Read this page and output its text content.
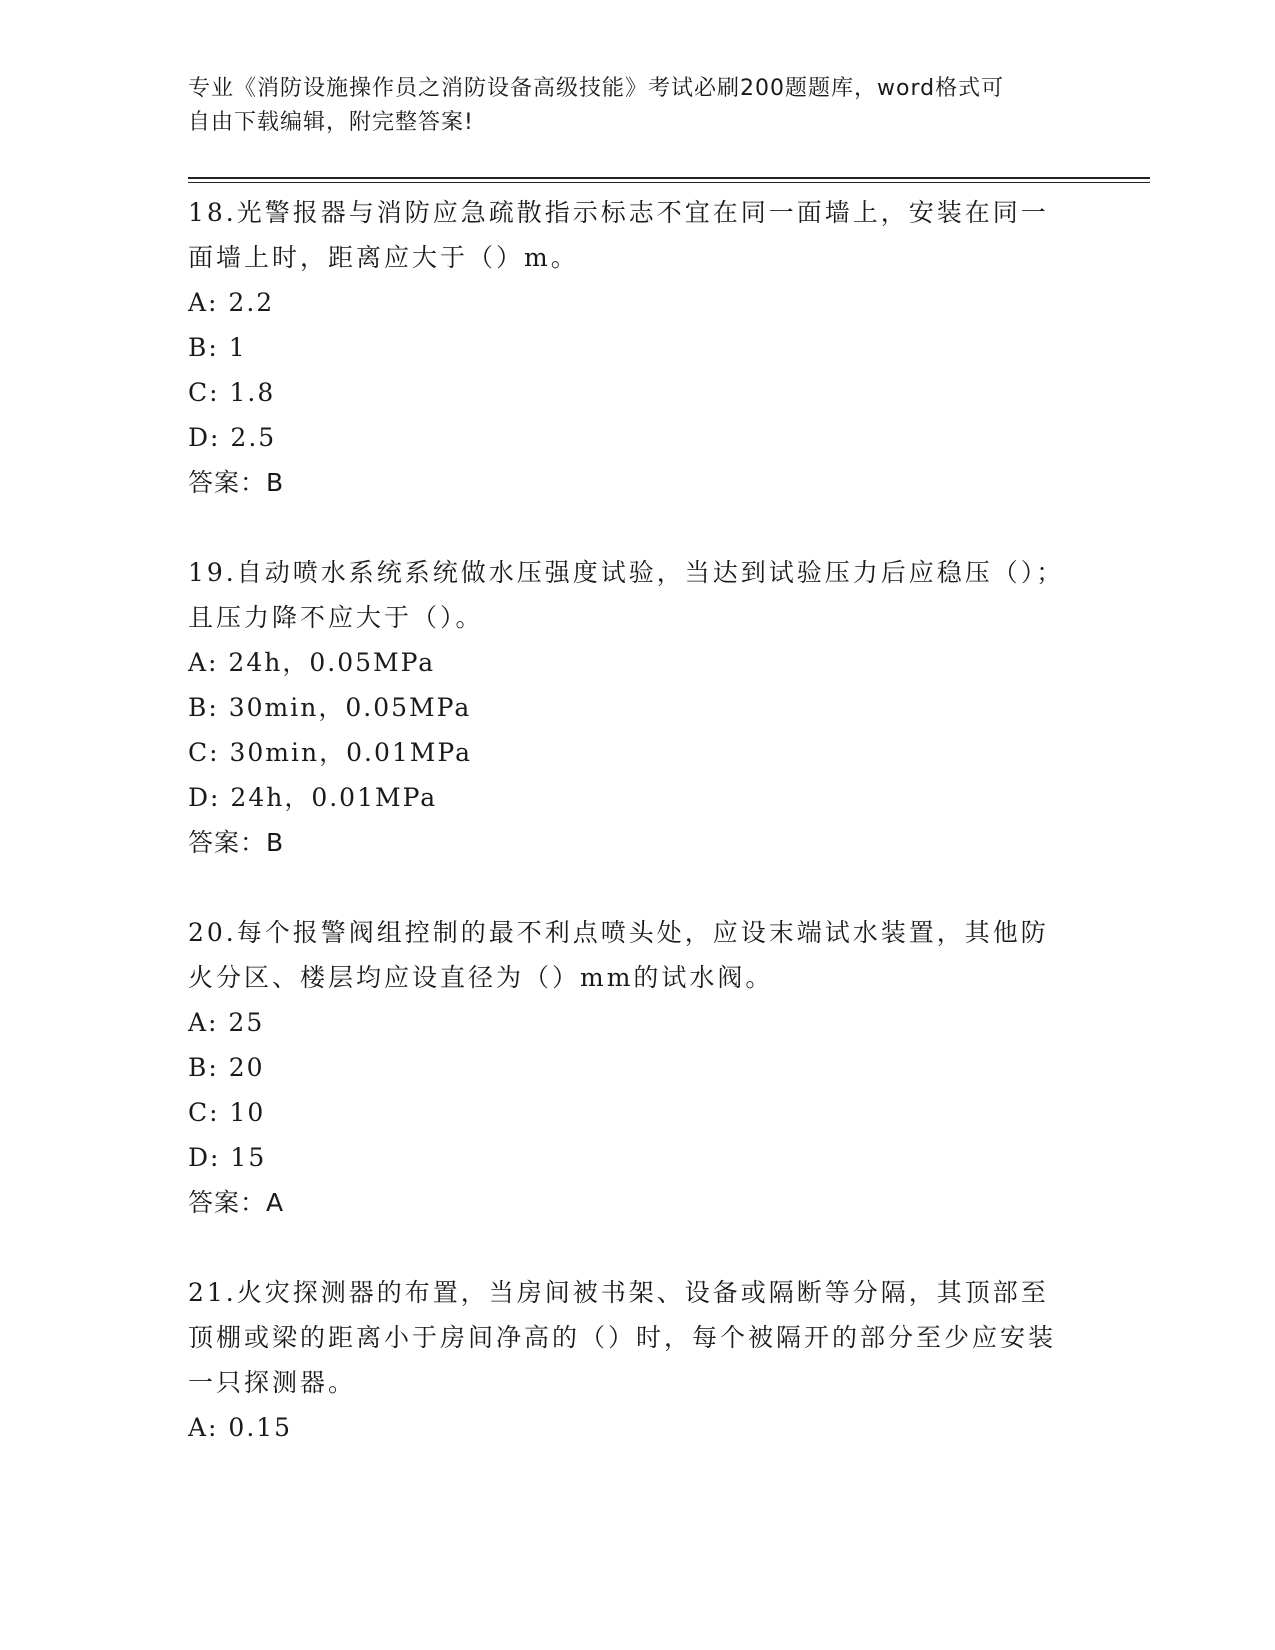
专业《消防设施操作员之消防设备高级技能》考试必刷200题题库，word格式可
自由下载编辑，附完整答案!
18.光警报器与消防应急疏散指示标志不宜在同一面墙上，安装在同一面墙上时，距离应大于（）m。
A: 2.2
B: 1
C: 1.8
D: 2.5
答案：B
19.自动喷水系统系统做水压强度试验，当达到试验压力后应稳压（）；且压力降不应大于（）。
A: 24h，0.05MPa
B: 30min，0.05MPa
C: 30min，0.01MPa
D: 24h，0.01MPa
答案：B
20.每个报警阀组控制的最不利点喷头处，应设末端试水装置，其他防火分区、楼层均应设直径为（）mm的试水阀。
A: 25
B: 20
C: 10
D: 15
答案：A
21.火灾探测器的布置，当房间被书架、设备或隔断等分隔，其顶部至顶棚或梁的距离小于房间净高的（）时，每个被隔开的部分至少应安装一只探测器。
A: 0.15
